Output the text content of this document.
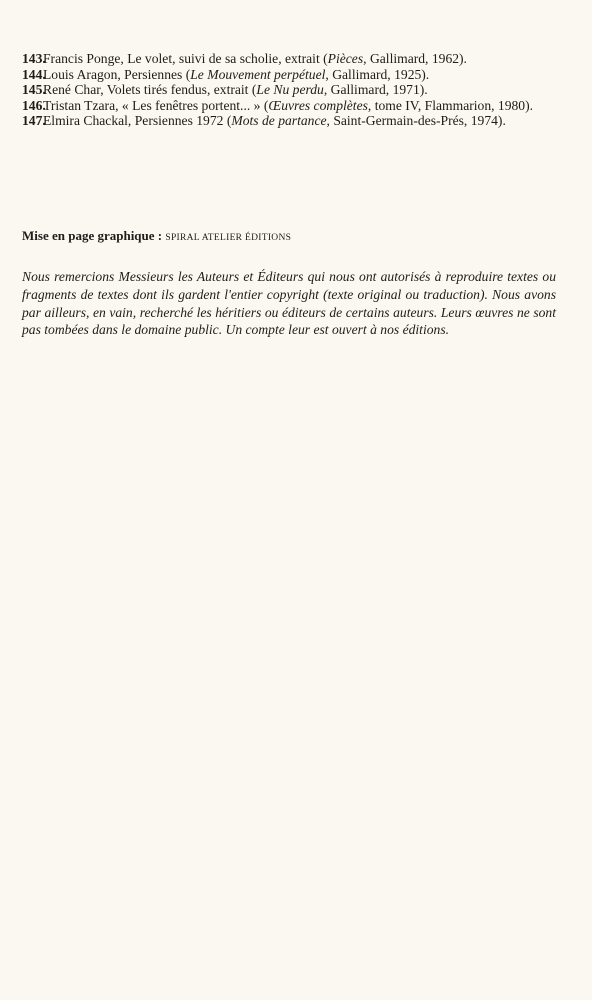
143.
Francis Ponge, Le volet, suivi de sa scholie, extrait (Pièces, Gallimard, 1962).
144.
Louis Aragon, Persiennes (Le Mouvement perpétuel, Gallimard, 1925).
145.
René Char, Volets tirés fendus, extrait (Le Nu perdu, Gallimard, 1971).
146.
Tristan Tzara, « Les fenêtres portent... » (Œuvres complètes, tome IV, Flammarion, 1980).
147.
Elmira Chackal, Persiennes 1972 (Mots de partance, Saint-Germain-des-Prés, 1974).
Mise en page graphique : SPIRAL ATELIER ÉDITIONS

Nous remercions Messieurs les Auteurs et Éditeurs qui nous ont autorisés à reproduire textes ou fragments de textes dont ils gardent l'entier copyright (texte original ou traduction). Nous avons par ailleurs, en vain, recherché les héritiers ou éditeurs de certains auteurs. Leurs œuvres ne sont pas tombées dans le domaine public. Un compte leur est ouvert à nos éditions.
